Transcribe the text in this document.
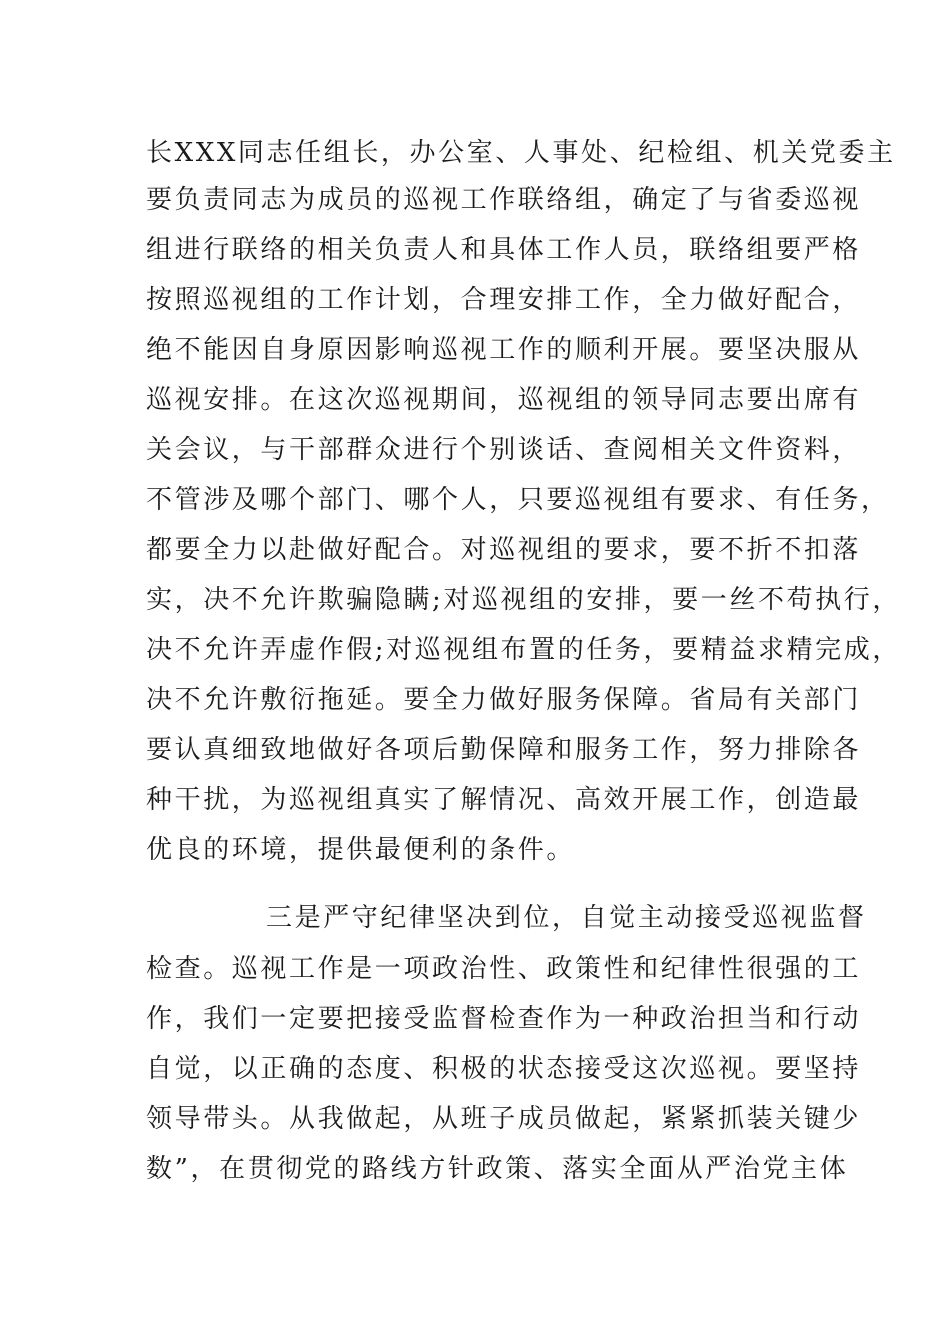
长XXX同志任组长，办公室、人事处、纪检组、机关党委主
要负责同志为成员的巡视工作联络组，确定了与省委巡视
组进行联络的相关负责人和具体工作人员，联络组要严格
按照巡视组的工作计划，合理安排工作，全力做好配合，
绝不能因自身原因影响巡视工作的顺利开展。要坚决服从
巡视安排。在这次巡视期间，巡视组的领导同志要出席有
关会议，与干部群众进行个别谈话、查阅相关文件资料，
不管涉及哪个部门、哪个人，只要巡视组有要求、有任务，
都要全力以赴做好配合。对巡视组的要求，要不折不扣落
实，决不允许欺骗隐瞒;对巡视组的安排，要一丝不苟执行，
决不允许弄虚作假;对巡视组布置的任务，要精益求精完成，
决不允许敷衍拖延。要全力做好服务保障。省局有关部门
要认真细致地做好各项后勤保障和服务工作，努力排除各
种干扰，为巡视组真实了解情况、高效开展工作，创造最
优良的环境，提供最便利的条件。
三是严守纪律坚决到位，自觉主动接受巡视监督
检查。巡视工作是一项政治性、政策性和纪律性很强的工
作，我们一定要把接受监督检查作为一种政治担当和行动
自觉，以正确的态度、积极的状态接受这次巡视。要坚持
领导带头。从我做起，从班子成员做起，紧紧抓装关键少
数”，在贯彻党的路线方针政策、落实全面从严治党主体
